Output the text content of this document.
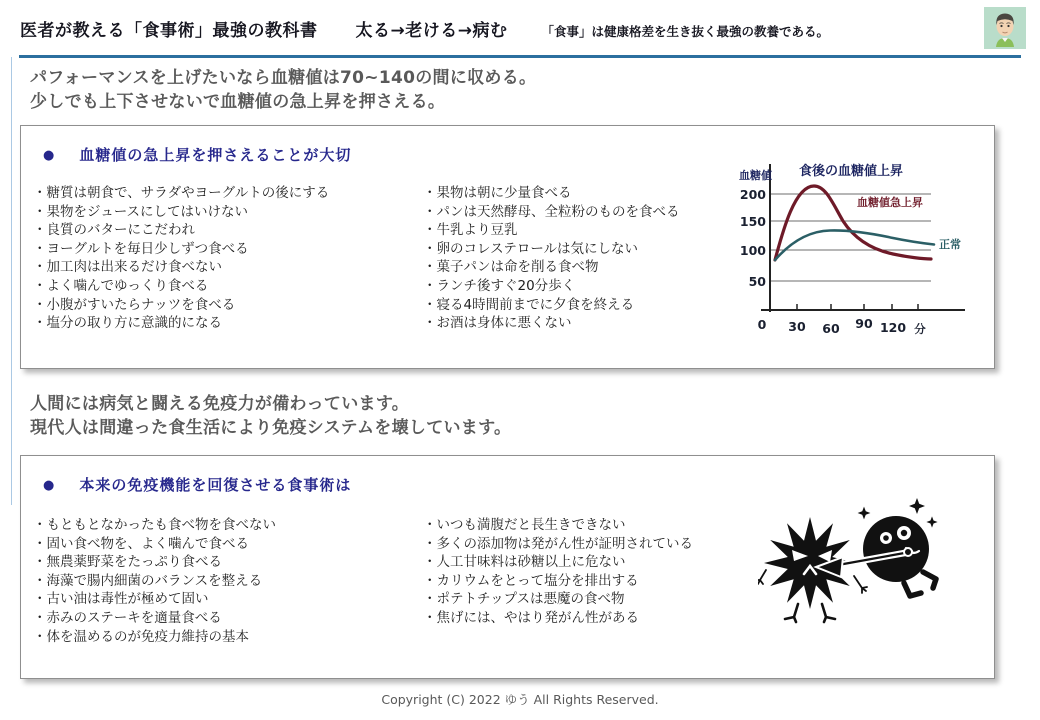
医者が教える「食事術」最強の教科書 太る→老ける→病む	「食事」は健康格差を生き抜く最強の教養である。
パフォーマンスを上げたいなら血糖値は70~140の間に収める。
少しでも上下させないで血糖値の急上昇を押さえる。
● 血糖値の急上昇を押さえることが大切
・糖質は朝食で、サラダやヨーグルトの後にする
・果物をジュースにしてはいけない
・良質のバターにこだわれ
・ヨーグルトを毎日少しずつ食べる
・加工肉は出来るだけ食べない
・よく噛んでゆっくり食べる
・小腹がすいたらナッツを食べる
・塩分の取り方に意識的になる
・果物は朝に少量食べる
・パンは天然酵母、全粒粉のものを食べる
・牛乳より豆乳
・卵のコレステロールは気にしない
・菓子パンは命を削る食べ物
・ランチ後すぐ20分歩く
・寝る4時間前までに夕食を終える
・お酒は身体に悪くない
食後の血糖値上昇
血糖値
血糖値急上昇
正常
200
150
100
50
0 30 60 90 120 分
人間には病気と闘える免疫力が備わっています。
現代人は間違った食生活により免疫システムを壊しています。
● 本来の免疫機能を回復させる食事術は
・もともとなかったも食べ物を食べない
・固い食べ物を、よく噛んで食べる
・無農薬野菜をたっぷり食べる
・海藻で腸内細菌のバランスを整える
・古い油は毒性が極めて固い
・赤みのステーキを適量食べる
・体を温めるのが免疫力維持の基本
・いつも満腹だと長生きできない
・多くの添加物は発がん性が証明されている
・人工甘味料は砂糖以上に危ない
・カリウムをとって塩分を排出する
・ポテトチップスは悪魔の食べ物
・焦げには、やはり発がん性がある
Copyright (C) 2022 ゆう All Rights Reserved.
